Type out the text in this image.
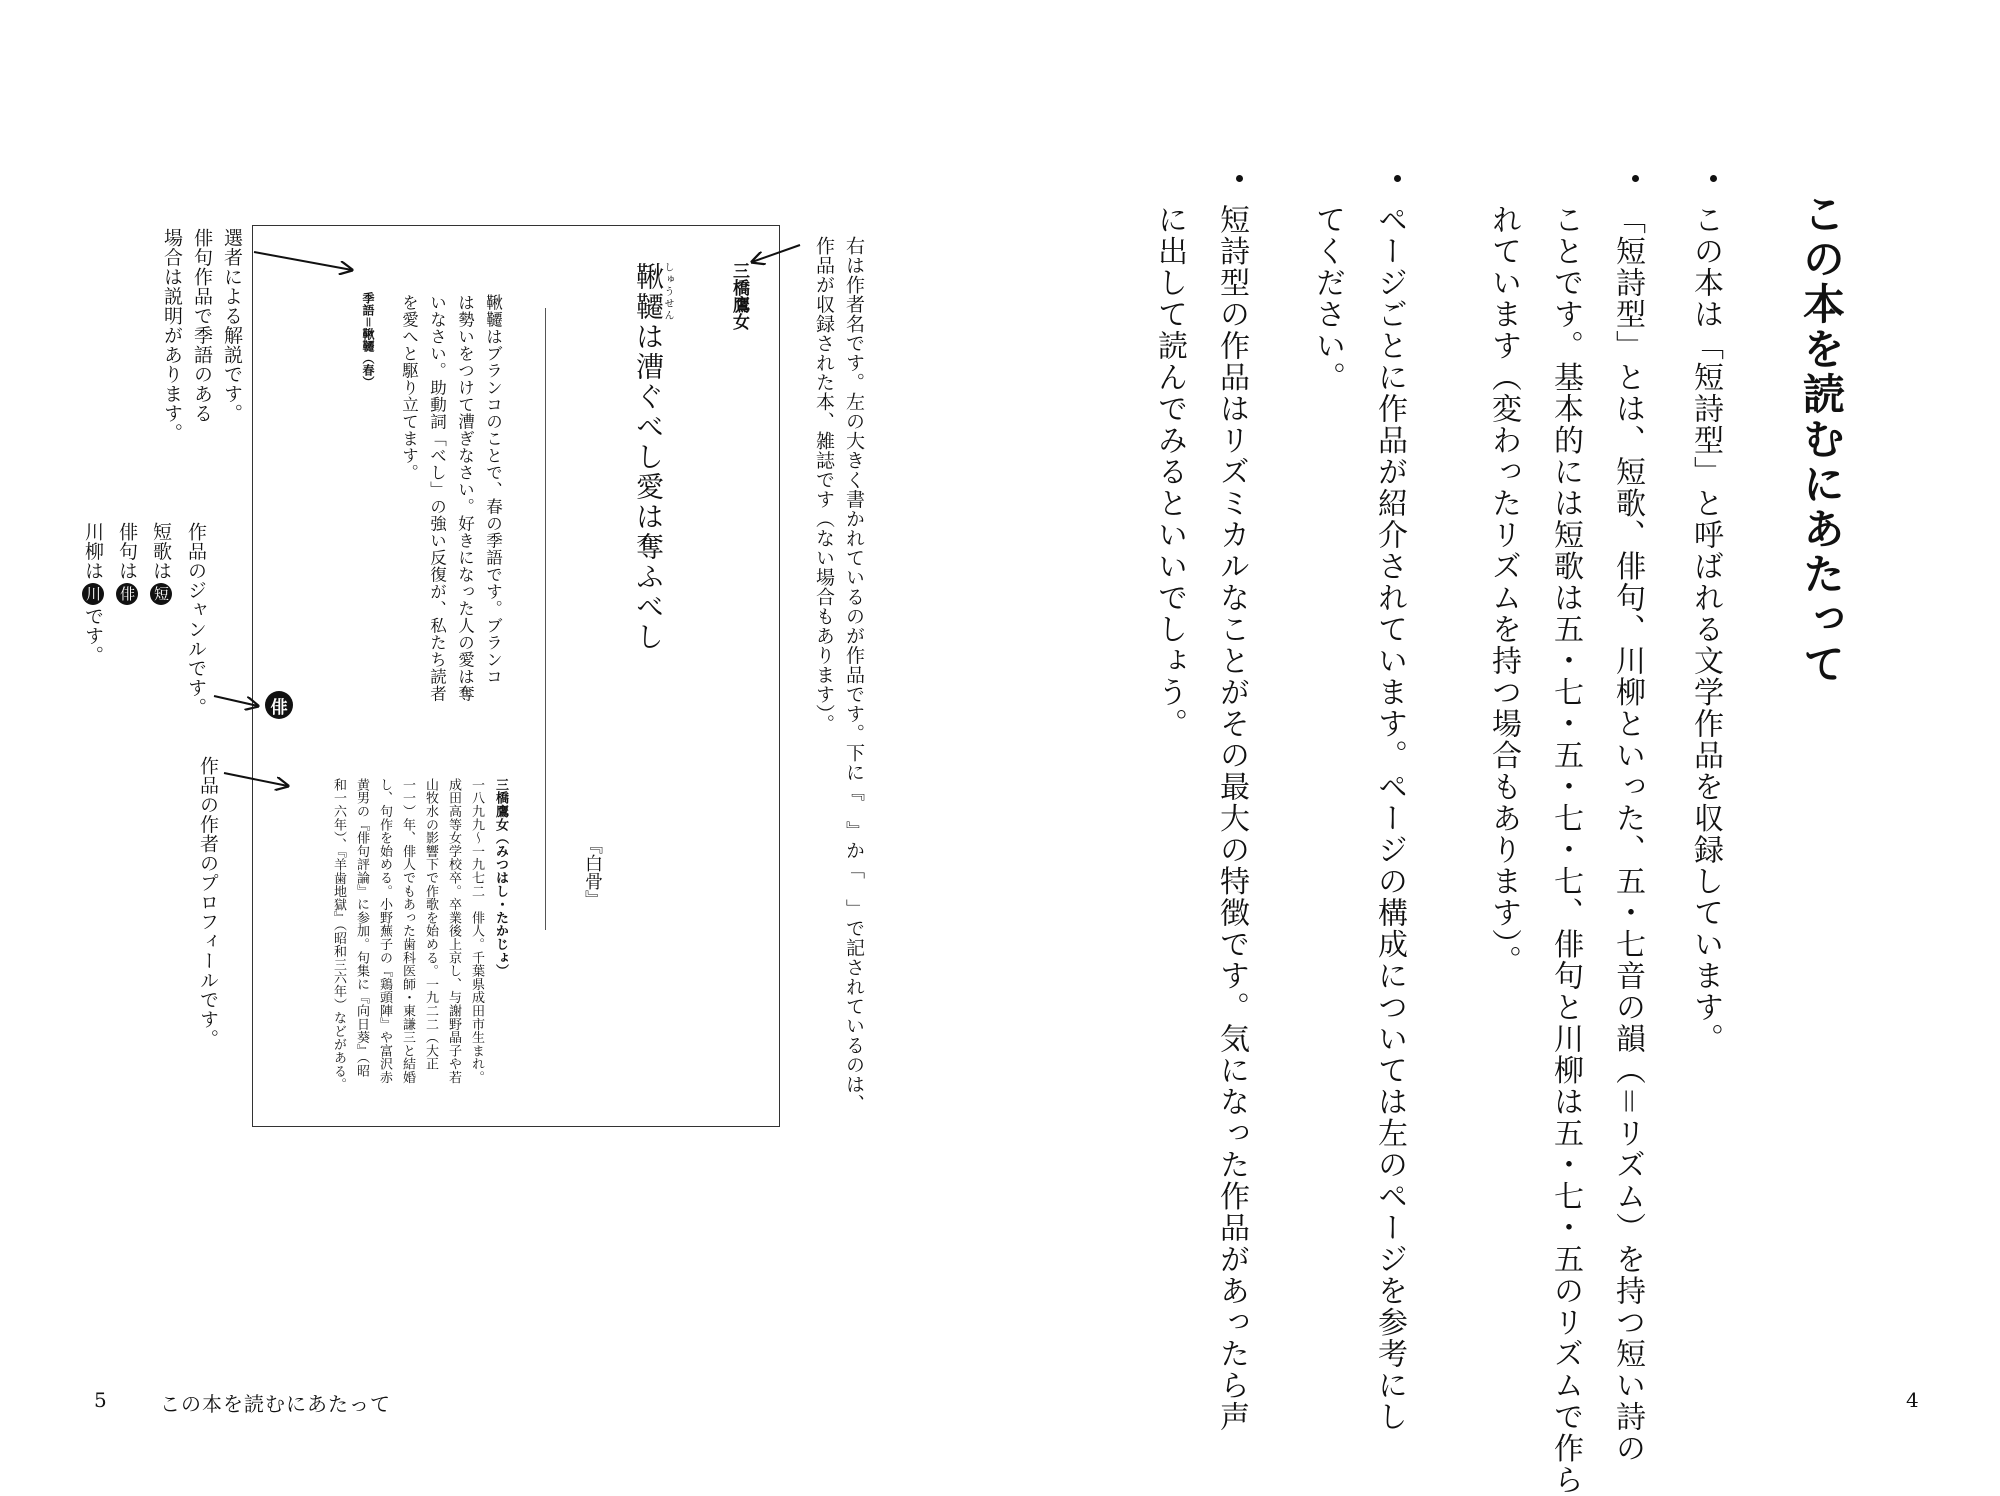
この本を読むにあたって
この本は「短詩型」と呼ばれる文学作品を収録しています。
「短詩型」とは、短歌、俳句、川柳といった、五・七音の韻（＝リズム）を持つ短い詩の
ことです。基本的には短歌は五・七・五・七・七、俳句と川柳は五・七・五のリズムで作ら
れています（変わったリズムを持つ場合もあります）。
ページごとに作品が紹介されています。ページの構成については左のページを参考にし
てください。
短詩型の作品はリズミカルなことがその最大の特徴です。気になった作品があったら声
に出して読んでみるといいでしょう。
4
5	この本を読むにあたって
三橋鷹女
鞦韆しゅうせんは漕ぐべし愛は奪ふべし
『白骨』
鞦韆はブランコのことで、春の季語です。ブランコ
は勢いをつけて漕ぎなさい。好きになった人の愛は奪
いなさい。助動詞「べし」の強い反復が、私たち読者
を愛へと駆り立てます。
季語＝鞦韆（春）
俳
三橋鷹女（みつはし・たかじょ）
一八九九〜一九七二　俳人。千葉県成田市生まれ。
成田高等女学校卒。卒業後上京し、与謝野晶子や若
山牧水の影響下で作歌を始める。一九二二（大正
一一）年、俳人でもあった歯科医師・東謙三と結婚
し、句作を始める。小野蕪子の『鶏頭陣』や富沢赤
黄男の『俳句評論』に参加。句集に『向日葵』（昭
和一六年）、『羊歯地獄』（昭和三六年）などがある。	右は作者名です。左の大きく書かれているのが作品です。下に『　』か「　」で記されているのは、
作品が収録された本、雑誌です（ない場合もあります）。
選者による解説です。
俳句作品で季語のある
場合は説明があります。
作品のジャンルです。
短歌は短
俳句は俳
川柳は川です。
作品の作者のプロフィールです。
